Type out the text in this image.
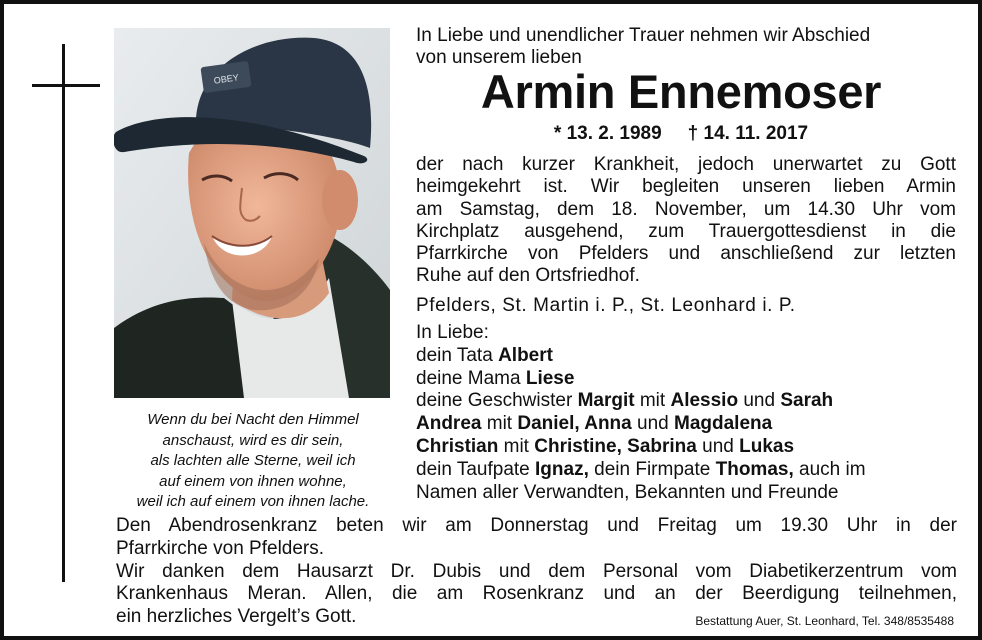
OBEY
Wenn du bei Nacht den Himmel
anschaust, wird es dir sein,
als lachten alle Sterne, weil ich
auf einem von ihnen wohne,
weil ich auf einem von ihnen lache.
In Liebe und unendlicher Trauer nehmen wir Abschied
von unserem lieben
Armin Ennemoser
* 13. 2. 1989 † 14. 11. 2017
der nach kurzer Krankheit, jedoch unerwartet zu Gott
heimgekehrt ist. Wir begleiten unseren lieben Armin
am Samstag, dem 18. November, um 14.30 Uhr vom
Kirchplatz ausgehend, zum Trauergottesdienst in die
Pfarrkirche von Pfelders und anschließend zur letzten
Ruhe auf den Ortsfriedhof.
Pfelders, St. Martin i. P., St. Leonhard i. P.
In Liebe:
dein Tata Albert
deine Mama Liese
deine Geschwister Margit mit Alessio und Sarah
Andrea mit Daniel, Anna und Magdalena
Christian mit Christine, Sabrina und Lukas
dein Taufpate Ignaz, dein Firmpate Thomas, auch im
Namen aller Verwandten, Bekannten und Freunde
Den Abendrosenkranz beten wir am Donnerstag und Freitag um 19.30 Uhr in der
Pfarrkirche von Pfelders.
Wir danken dem Hausarzt Dr. Dubis und dem Personal vom Diabetikerzentrum vom
Krankenhaus Meran. Allen, die am Rosenkranz und an der Beerdigung teilnehmen,
ein herzliches Vergelt’s Gott.	Bestattung Auer, St. Leonhard, Tel. 348/8535488
